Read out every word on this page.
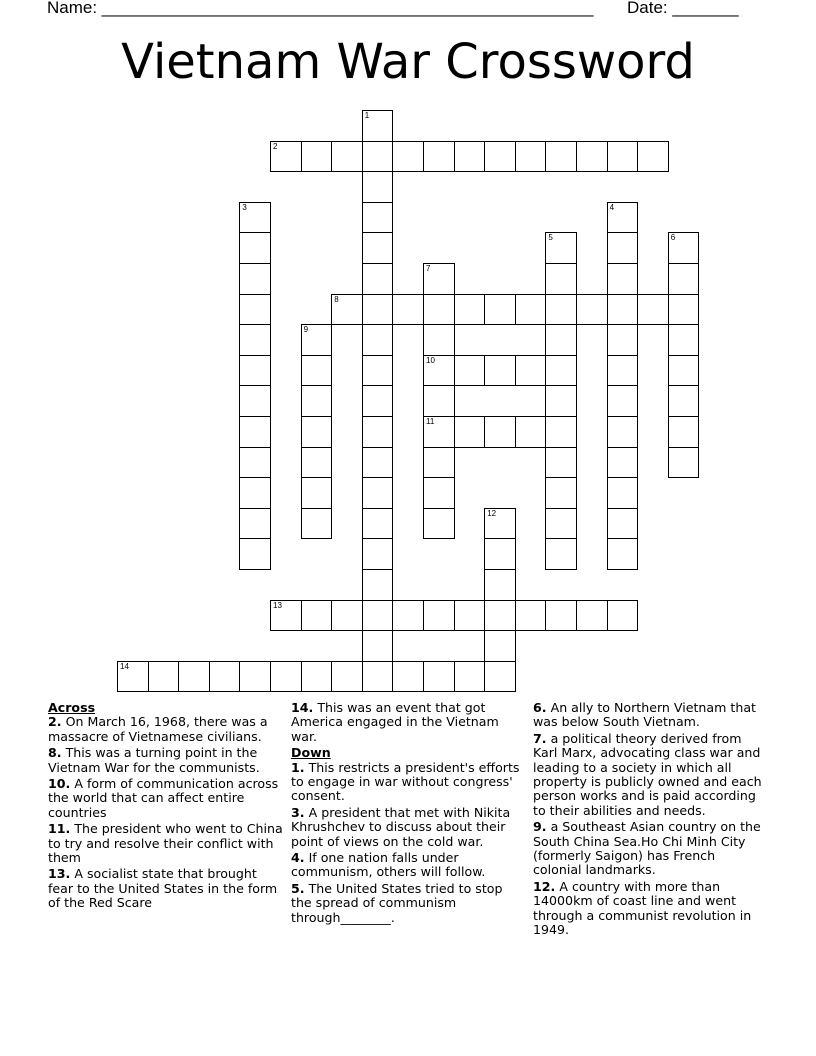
Name: ____________________________________________________ Date: _______
Vietnam War Crossword
1
2
3	4
5	6
7
10
11
8
9
12
13
14
Across
2. On March 16, 1968, there was a massacre of Vietnamese civilians.
8. This was a turning point in the Vietnam War for the communists.
10. A form of communication across the world that can affect entire countries
11. The president who went to China to try and resolve their conflict with them
13. A socialist state that brought fear to the United States in the form of the Red Scare
14. This was an event that got America engaged in the Vietnam war.
Down
1. This restricts a president's efforts to engage in war without congress' consent.
3. A president that met with Nikita Khrushchev to discuss about their point of views on the cold war.
4. If one nation falls under communism, others will follow.
5. The United States tried to stop the spread of communism through________.
6. An ally to Northern Vietnam that was below South Vietnam.
7. a political theory derived from Karl Marx, advocating class war and leading to a society in which all property is publicly owned and each person works and is paid according to their abilities and needs.
9. a Southeast Asian country on the South China Sea.Ho Chi Minh City (formerly Saigon) has French colonial landmarks.
12. A country with more than 14000km of coast line and went through a communist revolution in 1949.
